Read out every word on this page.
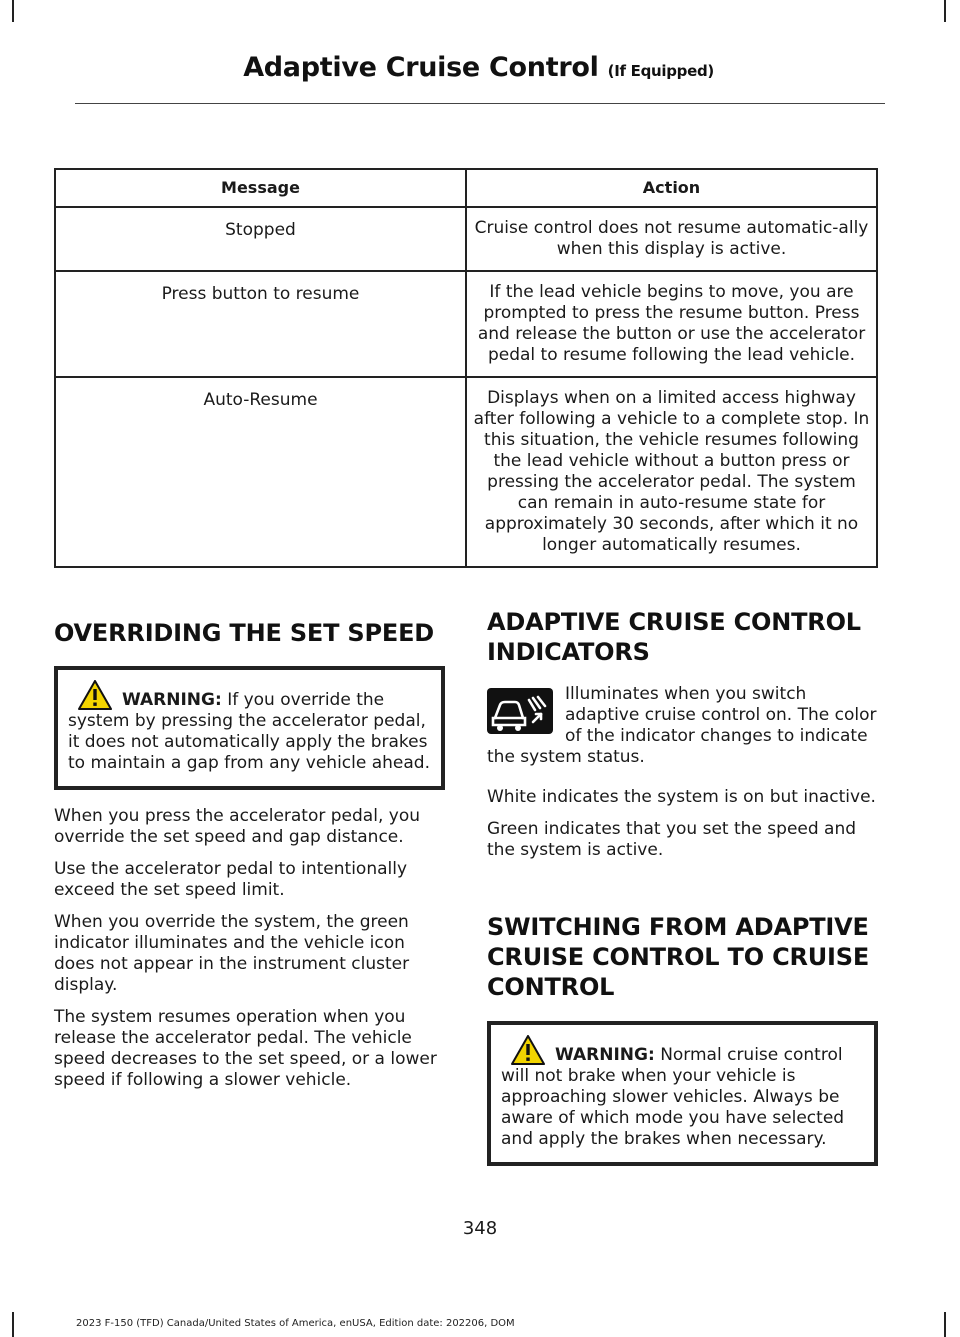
Adaptive Cruise Control (If Equipped)
Message	Action
Stopped	Cruise control does not resume automatic-ally when this display is active.
Press button to resume	If the lead vehicle begins to move, you are prompted to press the resume button. Press and release the button or use the accelerator pedal to resume following the lead vehicle.
Auto-Resume	Displays when on a limited access highway after following a vehicle to a complete stop. In this situation, the vehicle resumes following the lead vehicle without a button press or pressing the accelerator pedal. The system can remain in auto-resume state for approximately 30 seconds, after which it no longer automatically resumes.
OVERRIDING THE SET SPEED
WARNING: If you override the system by pressing the accelerator pedal, it does not automatically apply the brakes to maintain a gap from any vehicle ahead.

When you press the accelerator pedal, you override the set speed and gap distance.

Use the accelerator pedal to intentionally exceed the set speed limit.

When you override the system, the green indicator illuminates and the vehicle icon does not appear in the instrument cluster display.

The system resumes operation when you release the accelerator pedal. The vehicle speed decreases to the set speed, or a lower speed if following a slower vehicle.

ADAPTIVE CRUISE CONTROL
INDICATORS

Illuminates when you switch adaptive cruise control on. The color of the indicator changes to indicate the system status.

White indicates the system is on but inactive.

Green indicates that you set the speed and the system is active.

SWITCHING FROM ADAPTIVE
CRUISE CONTROL TO CRUISE
CONTROL
WARNING: Normal cruise control will not brake when your vehicle is approaching slower vehicles. Always be aware of which mode you have selected and apply the brakes when necessary.
348
2023 F-150 (TFD) Canada/United States of America, enUSA, Edition date: 202206, DOM
